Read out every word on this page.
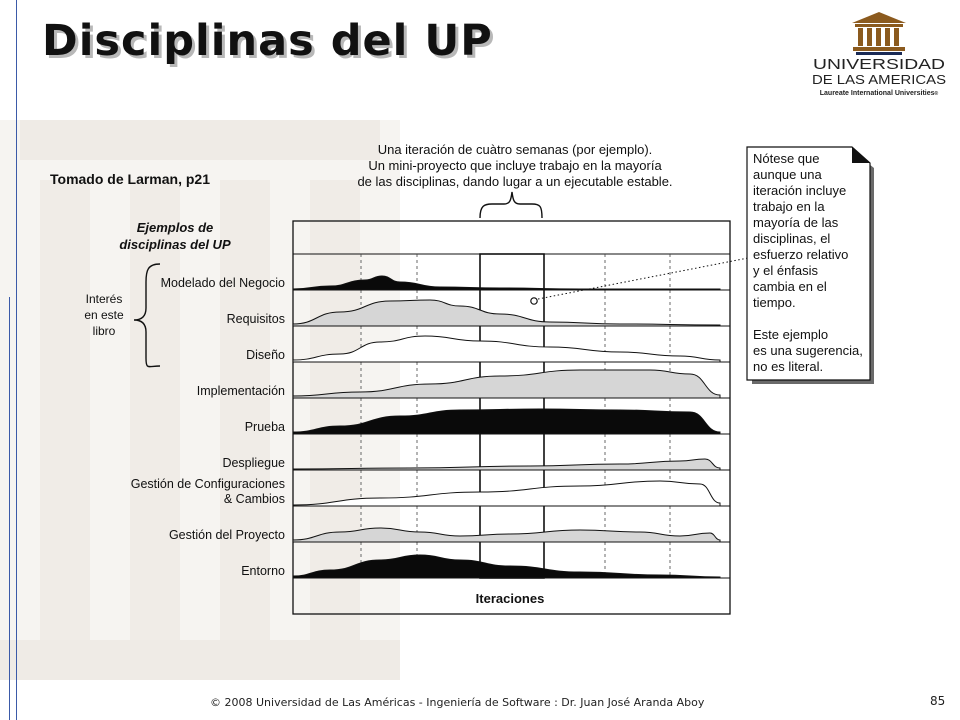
Disciplinas del UP	UNIVERSIDAD
DE LAS AMERICAS
Laureate International Universities®
Tomado de Larman, p21
Una iteración de cuàtro semanas (por ejemplo).
Un mini-proyecto que incluye trabajo en la mayoría
de las disciplinas, dando lugar a un ejecutable estable.
Ejemplos de
disciplinas del UP
Interés
en este
libro
Modelado del Negocio
Requisitos
Diseño
Implementación
Prueba
Despliegue
Gestión de Configuraciones
& Cambios
Gestión del Proyecto
Entorno
Iteraciones
Nótese que
aunque una
iteración incluye
trabajo en la
mayoría de las
disciplinas, el
esfuerzo relativo
y el énfasis
cambia en el
tiempo.
Este ejemplo
es una sugerencia,
no es literal.
© 2008 Universidad de Las Américas - Ingeniería de Software : Dr. Juan José Aranda Aboy	85
